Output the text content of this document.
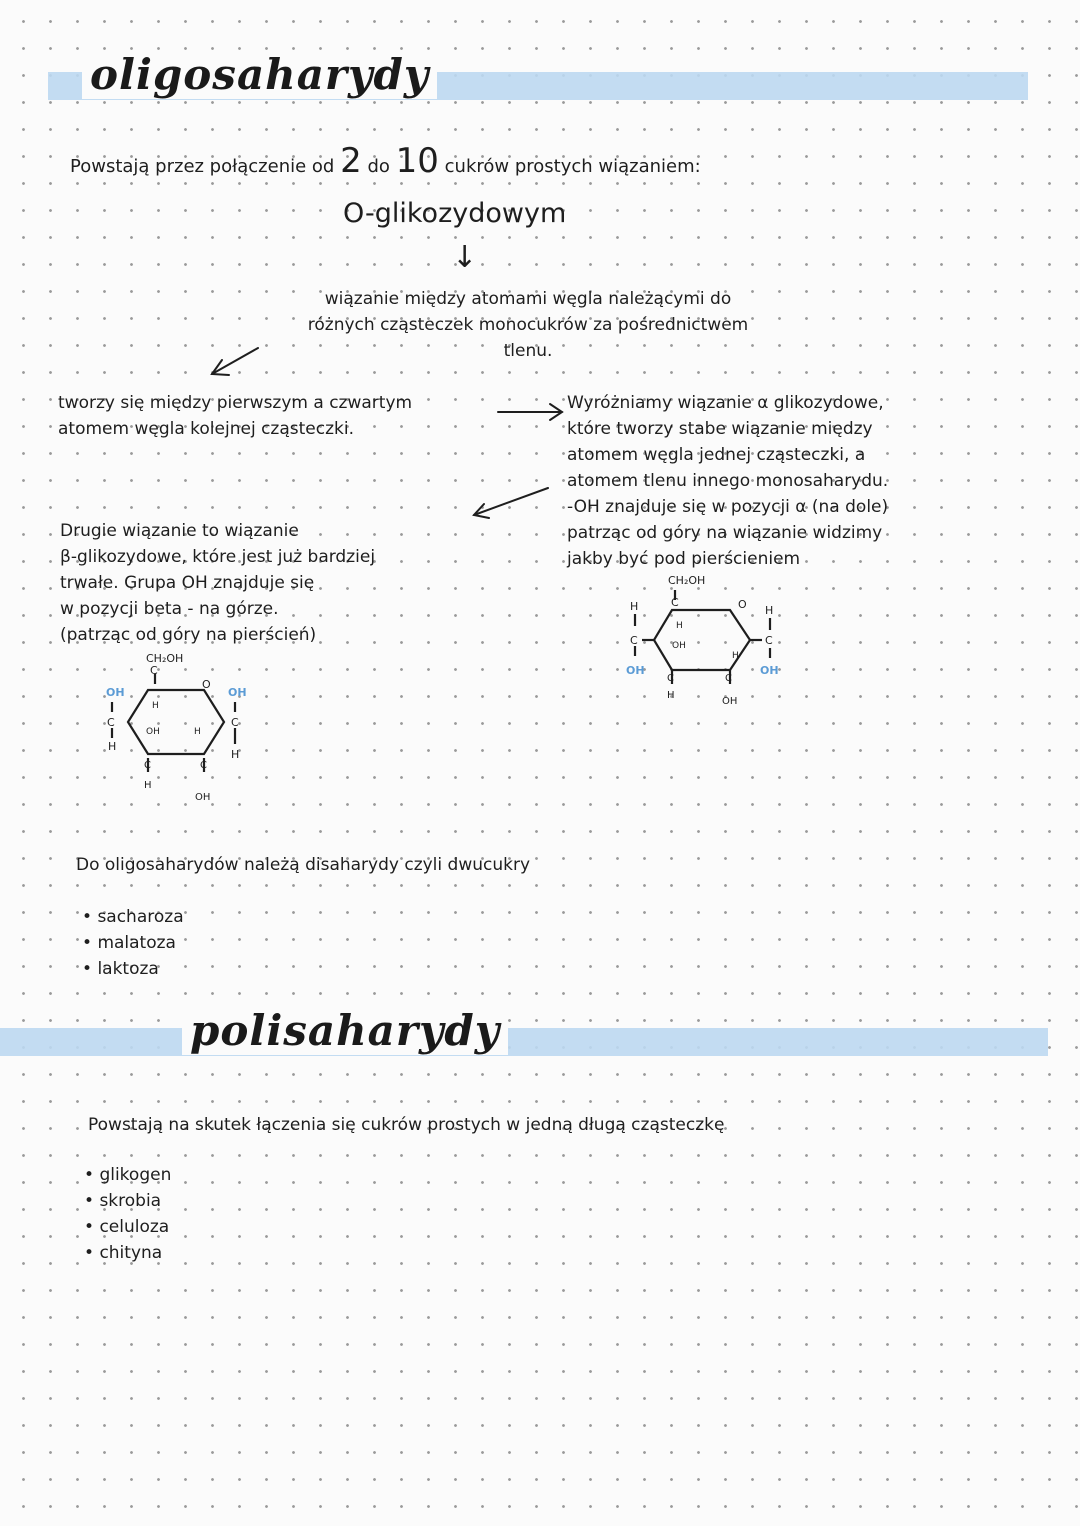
oligosaharydy
Powstają przez połączenie od 2 do 10 cukrów prostych wiązaniem:
O-glikozydowym
↓
wiązanie między atomami węgla należącymi do
różnych cząsteczek monocukrów za pośrednictwem
tlenu.
tworzy się między pierwszym a czwartym
atomem węgla kolejnej cząsteczki.
Wyróżniamy wiązanie α glikozydowe,
które tworzy stabe wiązanie między
atomem węgla jednej cząsteczki, a
atomem tlenu innego monosaharydu.
-OH znajduje się w pozycji α (na dole)
patrząc od góry na wiązanie widzimy
jakby być pod pierścieniem
Drugie wiązanie to wiązanie
β-glikozydowe, które jest już bardziej
trwałe. Grupa OH znajduje się
w pozycji beta - na górze.
(patrząc od góry na pierścień)
CH₂OH
C	O
H
C
OH
H
C
OH
H
OH
H
C
H
C
OH
CH₂OH
C
O
OH
C
H
OH
C
H
H
OH	H
C
H
C
OH
Do oligosaharydów należą disaharydy czyli dwucukry
• sacharoza
• malatoza
• laktoza
polisaharydy
Powstają na skutek łączenia się cukrów prostych w jedną długą cząsteczkę
• glikogen
• skrobia
• celuloza
• chityna
